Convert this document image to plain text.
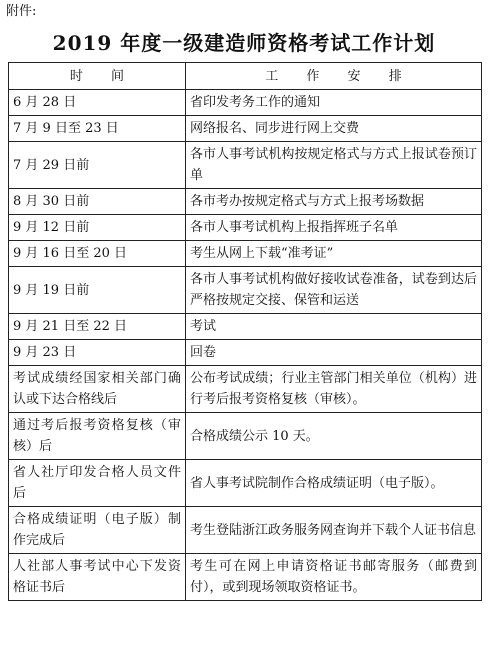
附件:
2019 年度一级建造师资格考试工作计划
时 间	工 作 安 排
6 月 28 日	省印发考务工作的通知
7 月 9 日至 23 日	网络报名、同步进行网上交费
7 月 29 日前	各市人事考试机构按规定格式与方式上报试卷预订单
8 月 30 日前	各市考办按规定格式与方式上报考场数据
9 月 12 日前	各市人事考试机构上报指挥班子名单
9 月 16 日至 20 日	考生从网上下载“准考证”
9 月 19 日前	各市人事考试机构做好接收试卷准备，试卷到达后严格按规定交接、保管和运送
9 月 21 日至 22 日	考试
9 月 23 日	回卷
考试成绩经国家相关部门确认或下达合格线后	公布考试成绩；行业主管部门相关单位（机构）进行考后报考资格复核（审核）。
通过考后报考资格复核（审核）后	合格成绩公示 10 天。
省人社厅印发合格人员文件后	省人事考试院制作合格成绩证明（电子版）。
合格成绩证明（电子版）制作完成后	考生登陆浙江政务服务网查询并下载个人证书信息
人社部人事考试中心下发资格证书后	考生可在网上申请资格证书邮寄服务（邮费到付），或到现场领取资格证书。
